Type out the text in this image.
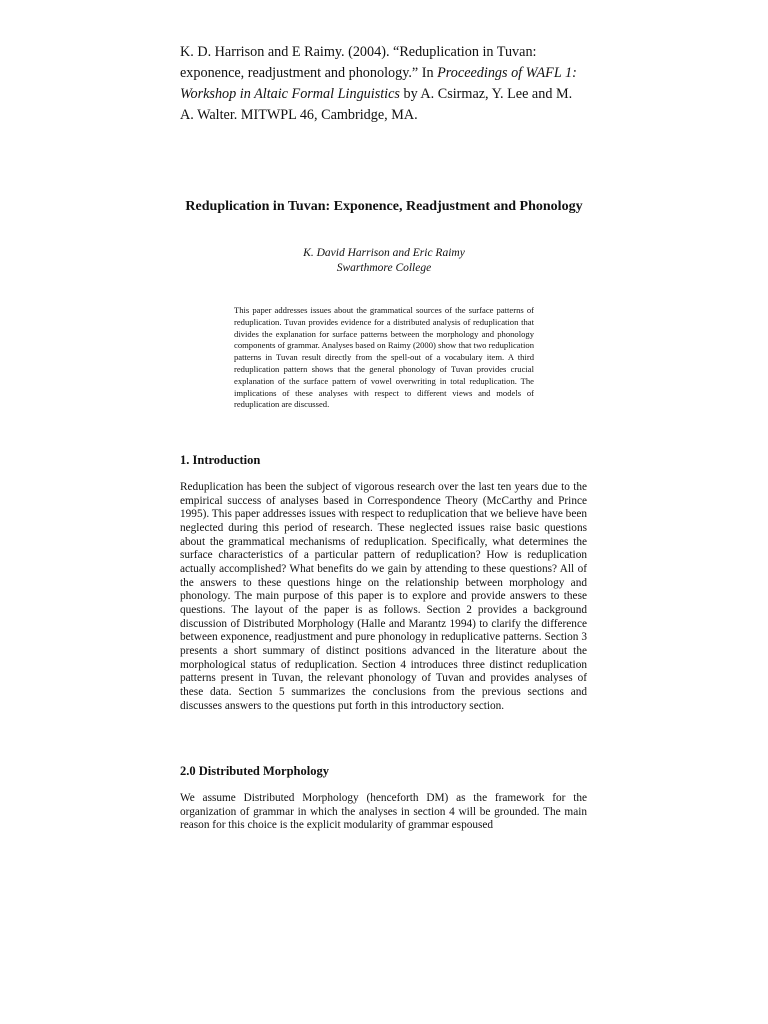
K. D. Harrison and E Raimy. (2004). “Reduplication in Tuvan: exponence, readjustment and phonology.” In Proceedings of WAFL 1: Workshop in Altaic Formal Linguistics by A. Csirmaz, Y. Lee and M. A. Walter. MITWPL 46, Cambridge, MA.
Reduplication in Tuvan: Exponence, Readjustment and Phonology
K. David Harrison and Eric Raimy
Swarthmore College

This paper addresses issues about the grammatical sources of the surface patterns of reduplication. Tuvan provides evidence for a distributed analysis of reduplication that divides the explanation for surface patterns between the morphology and phonology components of grammar. Analyses based on Raimy (2000) show that two reduplication patterns in Tuvan result directly from the spell-out of a vocabulary item. A third reduplication pattern shows that the general phonology of Tuvan provides crucial explanation of the surface pattern of vowel overwriting in total reduplication. The implications of these analyses with respect to different views and models of reduplication are discussed.

1. Introduction

Reduplication has been the subject of vigorous research over the last ten years due to the empirical success of analyses based in Correspondence Theory (McCarthy and Prince 1995). This paper addresses issues with respect to reduplication that we believe have been neglected during this period of research. These neglected issues raise basic questions about the grammatical mechanisms of reduplication. Specifically, what determines the surface characteristics of a particular pattern of reduplication? How is reduplication actually accomplished? What benefits do we gain by attending to these questions? All of the answers to these questions hinge on the relationship between morphology and phonology. The main purpose of this paper is to explore and provide answers to these questions. The layout of the paper is as follows. Section 2 provides a background discussion of Distributed Morphology (Halle and Marantz 1994) to clarify the difference between exponence, readjustment and pure phonology in reduplicative patterns. Section 3 presents a short summary of distinct positions advanced in the literature about the morphological status of reduplication. Section 4 introduces three distinct reduplication patterns present in Tuvan, the relevant phonology of Tuvan and provides analyses of these data. Section 5 summarizes the conclusions from the previous sections and discusses answers to the questions put forth in this introductory section.

2.0 Distributed Morphology

We assume Distributed Morphology (henceforth DM) as the framework for the organization of grammar in which the analyses in section 4 will be grounded. The main reason for this choice is the explicit modularity of grammar espoused
